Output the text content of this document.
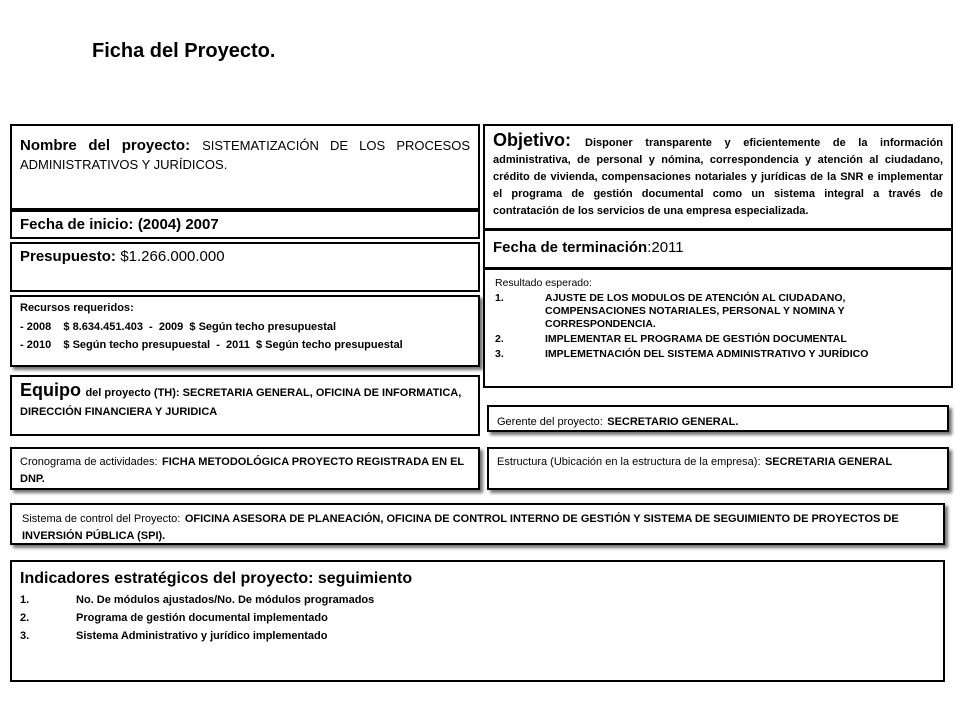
Ficha del Proyecto.
Nombre del proyecto: SISTEMATIZACIÓN DE LOS PROCESOS ADMINISTRATIVOS Y JURÍDICOS.
Fecha de inicio: (2004) 2007
Presupuesto: $1.266.000.000
Recursos requeridos:
- 2008    $ 8.634.451.403  -  2009  $ Según techo presupuestal
- 2010    $ Según techo presupuestal  -  2011  $ Según techo presupuestal
Equipo del proyecto (TH): SECRETARIA GENERAL, OFICINA DE INFORMATICA, DIRECCIÓN FINANCIERA Y JURIDICA
Objetivo: Disponer transparente y eficientemente de la información administrativa, de personal y nómina, correspondencia y atención al ciudadano, crédito de vivienda, compensaciones notariales y jurídicas de la SNR e implementar el programa de gestión documental como un sistema integral a través de contratación de los servicios de una empresa especializada.
Fecha de terminación:2011
Resultado esperado:
1.	AJUSTE DE LOS MODULOS DE ATENCIÓN AL CIUDADANO, COMPENSACIONES NOTARIALES, PERSONAL Y NOMINA Y CORRESPONDENCIA.
2.	IMPLEMENTAR EL PROGRAMA DE GESTIÓN DOCUMENTAL
3.	IMPLEMETNACIÓN DEL SISTEMA ADMINISTRATIVO Y JURÍDICO
Gerente del proyecto: SECRETARIO GENERAL.
Cronograma de actividades: FICHA METODOLÓGICA PROYECTO REGISTRADA EN EL DNP.
Estructura (Ubicación en la estructura de la empresa): SECRETARIA GENERAL
Sistema de control del Proyecto: OFICINA ASESORA DE PLANEACIÓN, OFICINA DE CONTROL INTERNO DE GESTIÓN Y SISTEMA DE SEGUIMIENTO DE PROYECTOS DE INVERSIÓN PÚBLICA (SPI).
Indicadores estratégicos del proyecto: seguimiento
1.	No. De módulos ajustados/No. De módulos programados
2.	Programa de gestión documental implementado
3.	Sistema Administrativo y jurídico implementado
